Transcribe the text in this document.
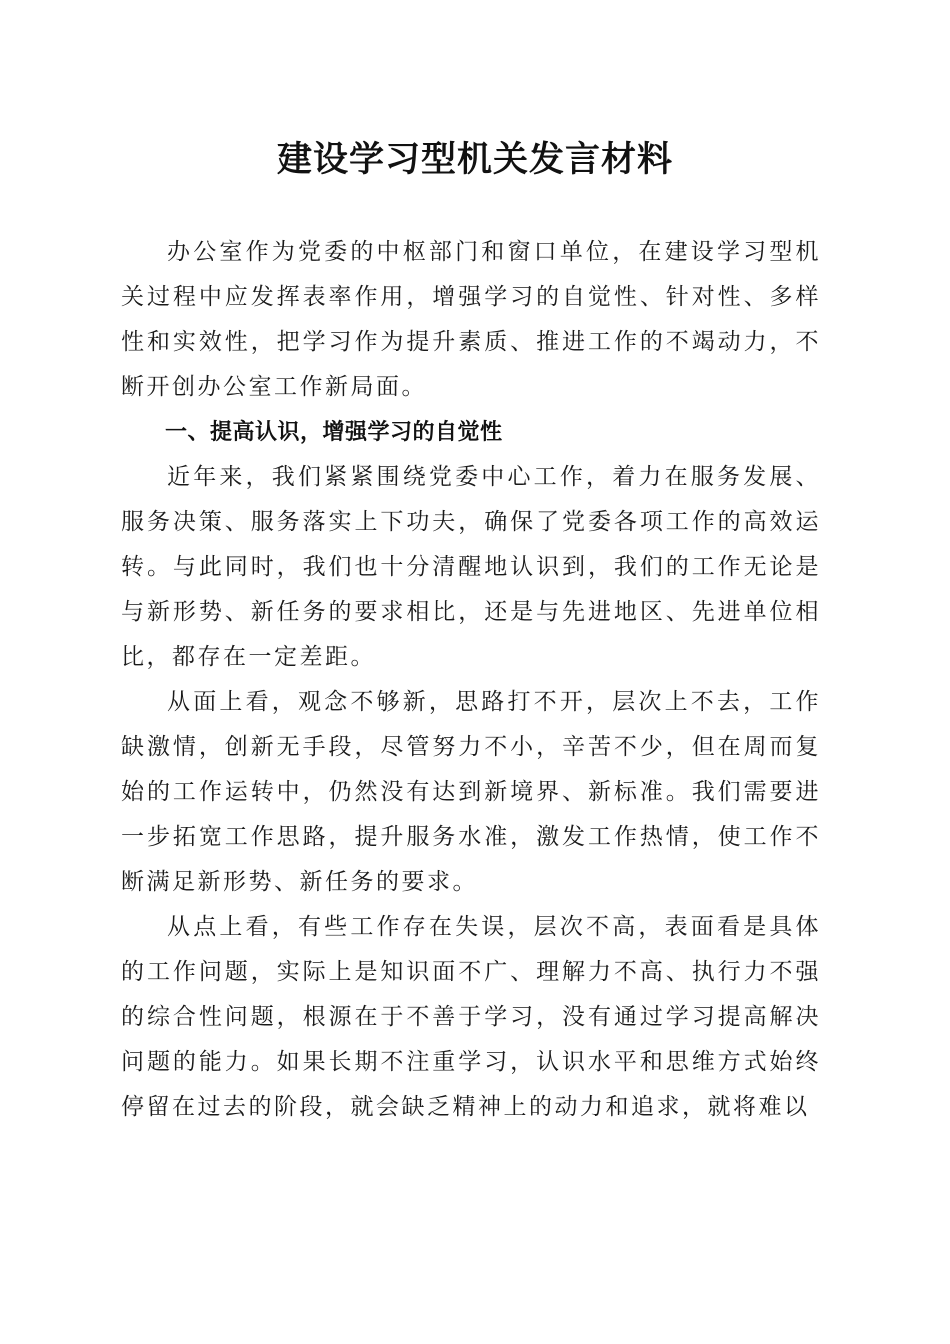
建设学习型机关发言材料

办公室作为党委的中枢部门和窗口单位，在建设学习型机关过程中应发挥表率作用，增强学习的自觉性、针对性、多样性和实效性，把学习作为提升素质、推进工作的不竭动力，不断开创办公室工作新局面。

一、提高认识，增强学习的自觉性

近年来，我们紧紧围绕党委中心工作，着力在服务发展、服务决策、服务落实上下功夫，确保了党委各项工作的高效运转。与此同时，我们也十分清醒地认识到，我们的工作无论是与新形势、新任务的要求相比，还是与先进地区、先进单位相比，都存在一定差距。

从面上看，观念不够新，思路打不开，层次上不去，工作缺激情，创新无手段，尽管努力不小，辛苦不少，但在周而复始的工作运转中，仍然没有达到新境界、新标准。我们需要进一步拓宽工作思路，提升服务水准，激发工作热情，使工作不断满足新形势、新任务的要求。

从点上看，有些工作存在失误，层次不高，表面看是具体的工作问题，实际上是知识面不广、理解力不高、执行力不强的综合性问题，根源在于不善于学习，没有通过学习提高解决问题的能力。如果长期不注重学习，认识水平和思维方式始终停留在过去的阶段，就会缺乏精神上的动力和追求，就将难以
